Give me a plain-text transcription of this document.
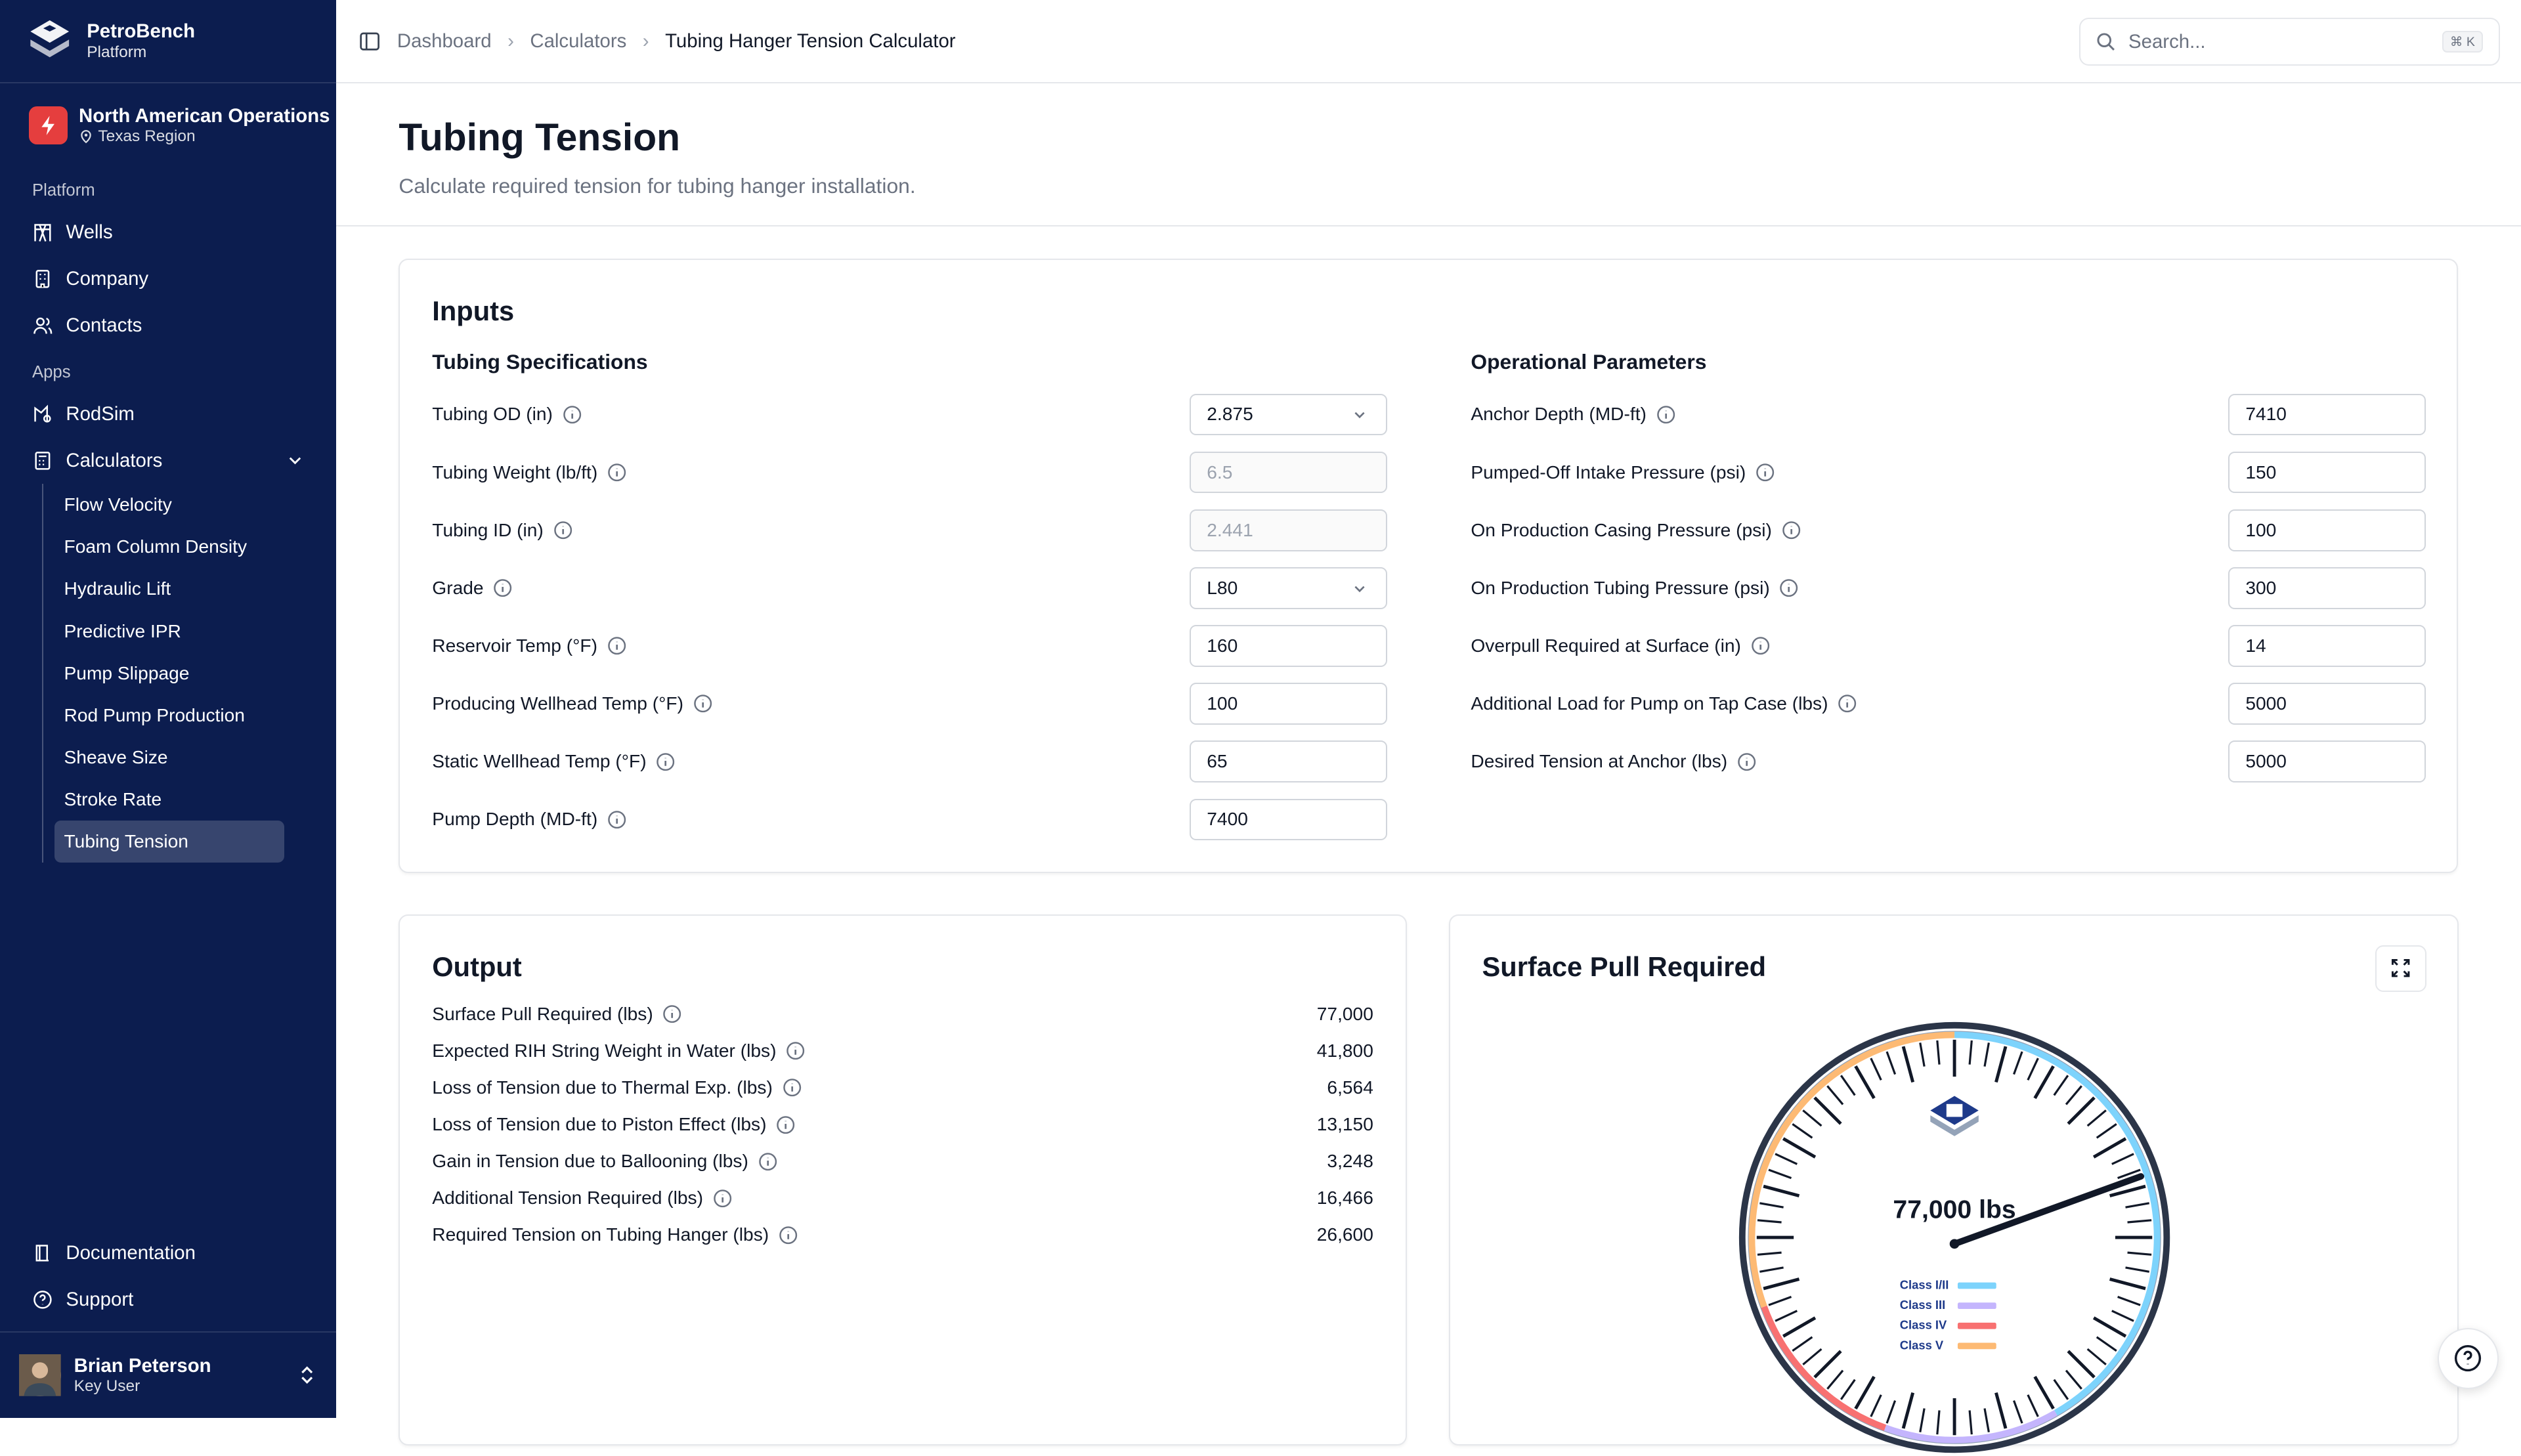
PetroBench
Platform
North American Operations
Texas Region
Platform
Wells
Company
Contacts
Apps
RodSim
Calculators
Flow Velocity
Foam Column Density
Hydraulic Lift
Predictive IPR
Pump Slippage
Rod Pump Production
Sheave Size
Stroke Rate
Tubing Tension
Documentation
Support
Brian Peterson
Key User
Dashboard › Calculators › Tubing Hanger Tension Calculator	Search...	⌘ K
Tubing Tension
Calculate required tension for tubing hanger installation.
Inputs
Tubing Specifications
Tubing OD (in)	2.875
Tubing Weight (lb/ft)	6.5
Tubing ID (in)	2.441
Grade	L80
Reservoir Temp (°F)	160
Producing Wellhead Temp (°F)	100
Static Wellhead Temp (°F)	65
Pump Depth (MD-ft)	7400
Operational Parameters
Anchor Depth (MD-ft)	7410
Pumped-Off Intake Pressure (psi)	150
On Production Casing Pressure (psi)	100
On Production Tubing Pressure (psi)	300
Overpull Required at Surface (in)	14
Additional Load for Pump on Tap Case (lbs)	5000
Desired Tension at Anchor (lbs)	5000
Output
Surface Pull Required (lbs)	77,000
Expected RIH String Weight in Water (lbs)	41,800
Loss of Tension due to Thermal Exp. (lbs)	6,564
Loss of Tension due to Piston Effect (lbs)	13,150
Gain in Tension due to Ballooning (lbs)	3,248
Additional Tension Required (lbs)	16,466
Required Tension on Tubing Hanger (lbs)	26,600
Surface Pull Required
77,000 lbs
Class I/II
Class III
Class IV
Class V
